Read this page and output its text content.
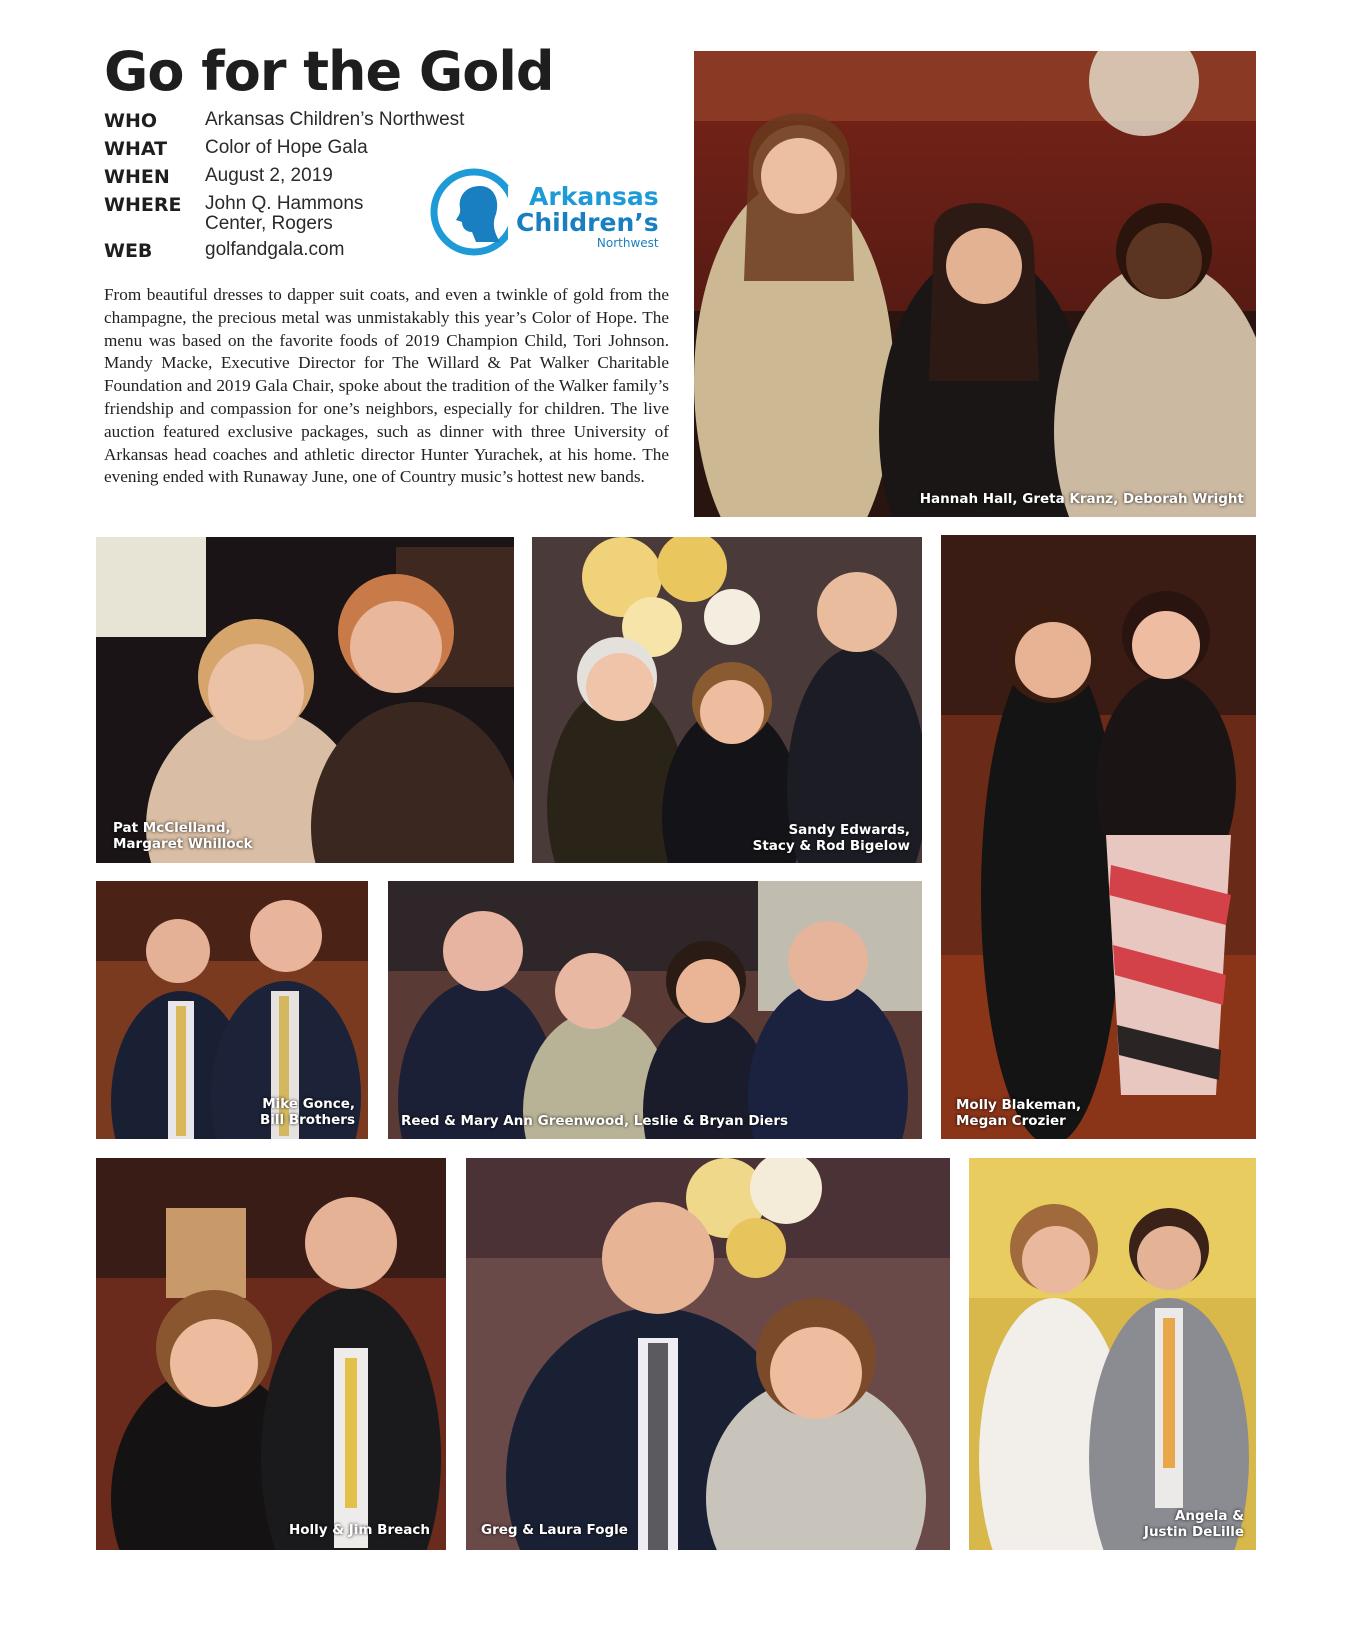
Go for the Gold
WHO	Arkansas Children’s Northwest
WHAT	Color of Hope Gala
WHEN	August 2, 2019
WHERE	John Q. Hammons Center, Rogers
WEB	golfandgala.com
Arkansas
Children’s
Northwest

From beautiful dresses to dapper suit coats, and even a twinkle of gold from the champagne, the precious metal was unmistakably this year’s Color of Hope. The menu was based on the favorite foods of 2019 Champion Child, Tori Johnson. Mandy Macke, Executive Director for The Willard & Pat Walker Charitable Foundation and 2019 Gala Chair, spoke about the tradition of the Walker family’s friendship and compassion for one’s neighbors, especially for children. The live auction featured exclusive packages, such as dinner with three University of Arkansas head coaches and athletic director Hunter Yurachek, at his home. The evening ended with Runaway June, one of Country music’s hottest new bands.

Hannah Hall, Greta Kranz, Deborah Wright
Pat McClelland,
Margaret Whillock
Sandy Edwards,
Stacy & Rod Bigelow
Molly Blakeman,
Megan Crozier
Mike Gonce,
Bill Brothers	Reed & Mary Ann Greenwood, Leslie & Bryan Diers
Holly & Jim Breach	Greg & Laura Fogle
Angela &
Justin DeLille
